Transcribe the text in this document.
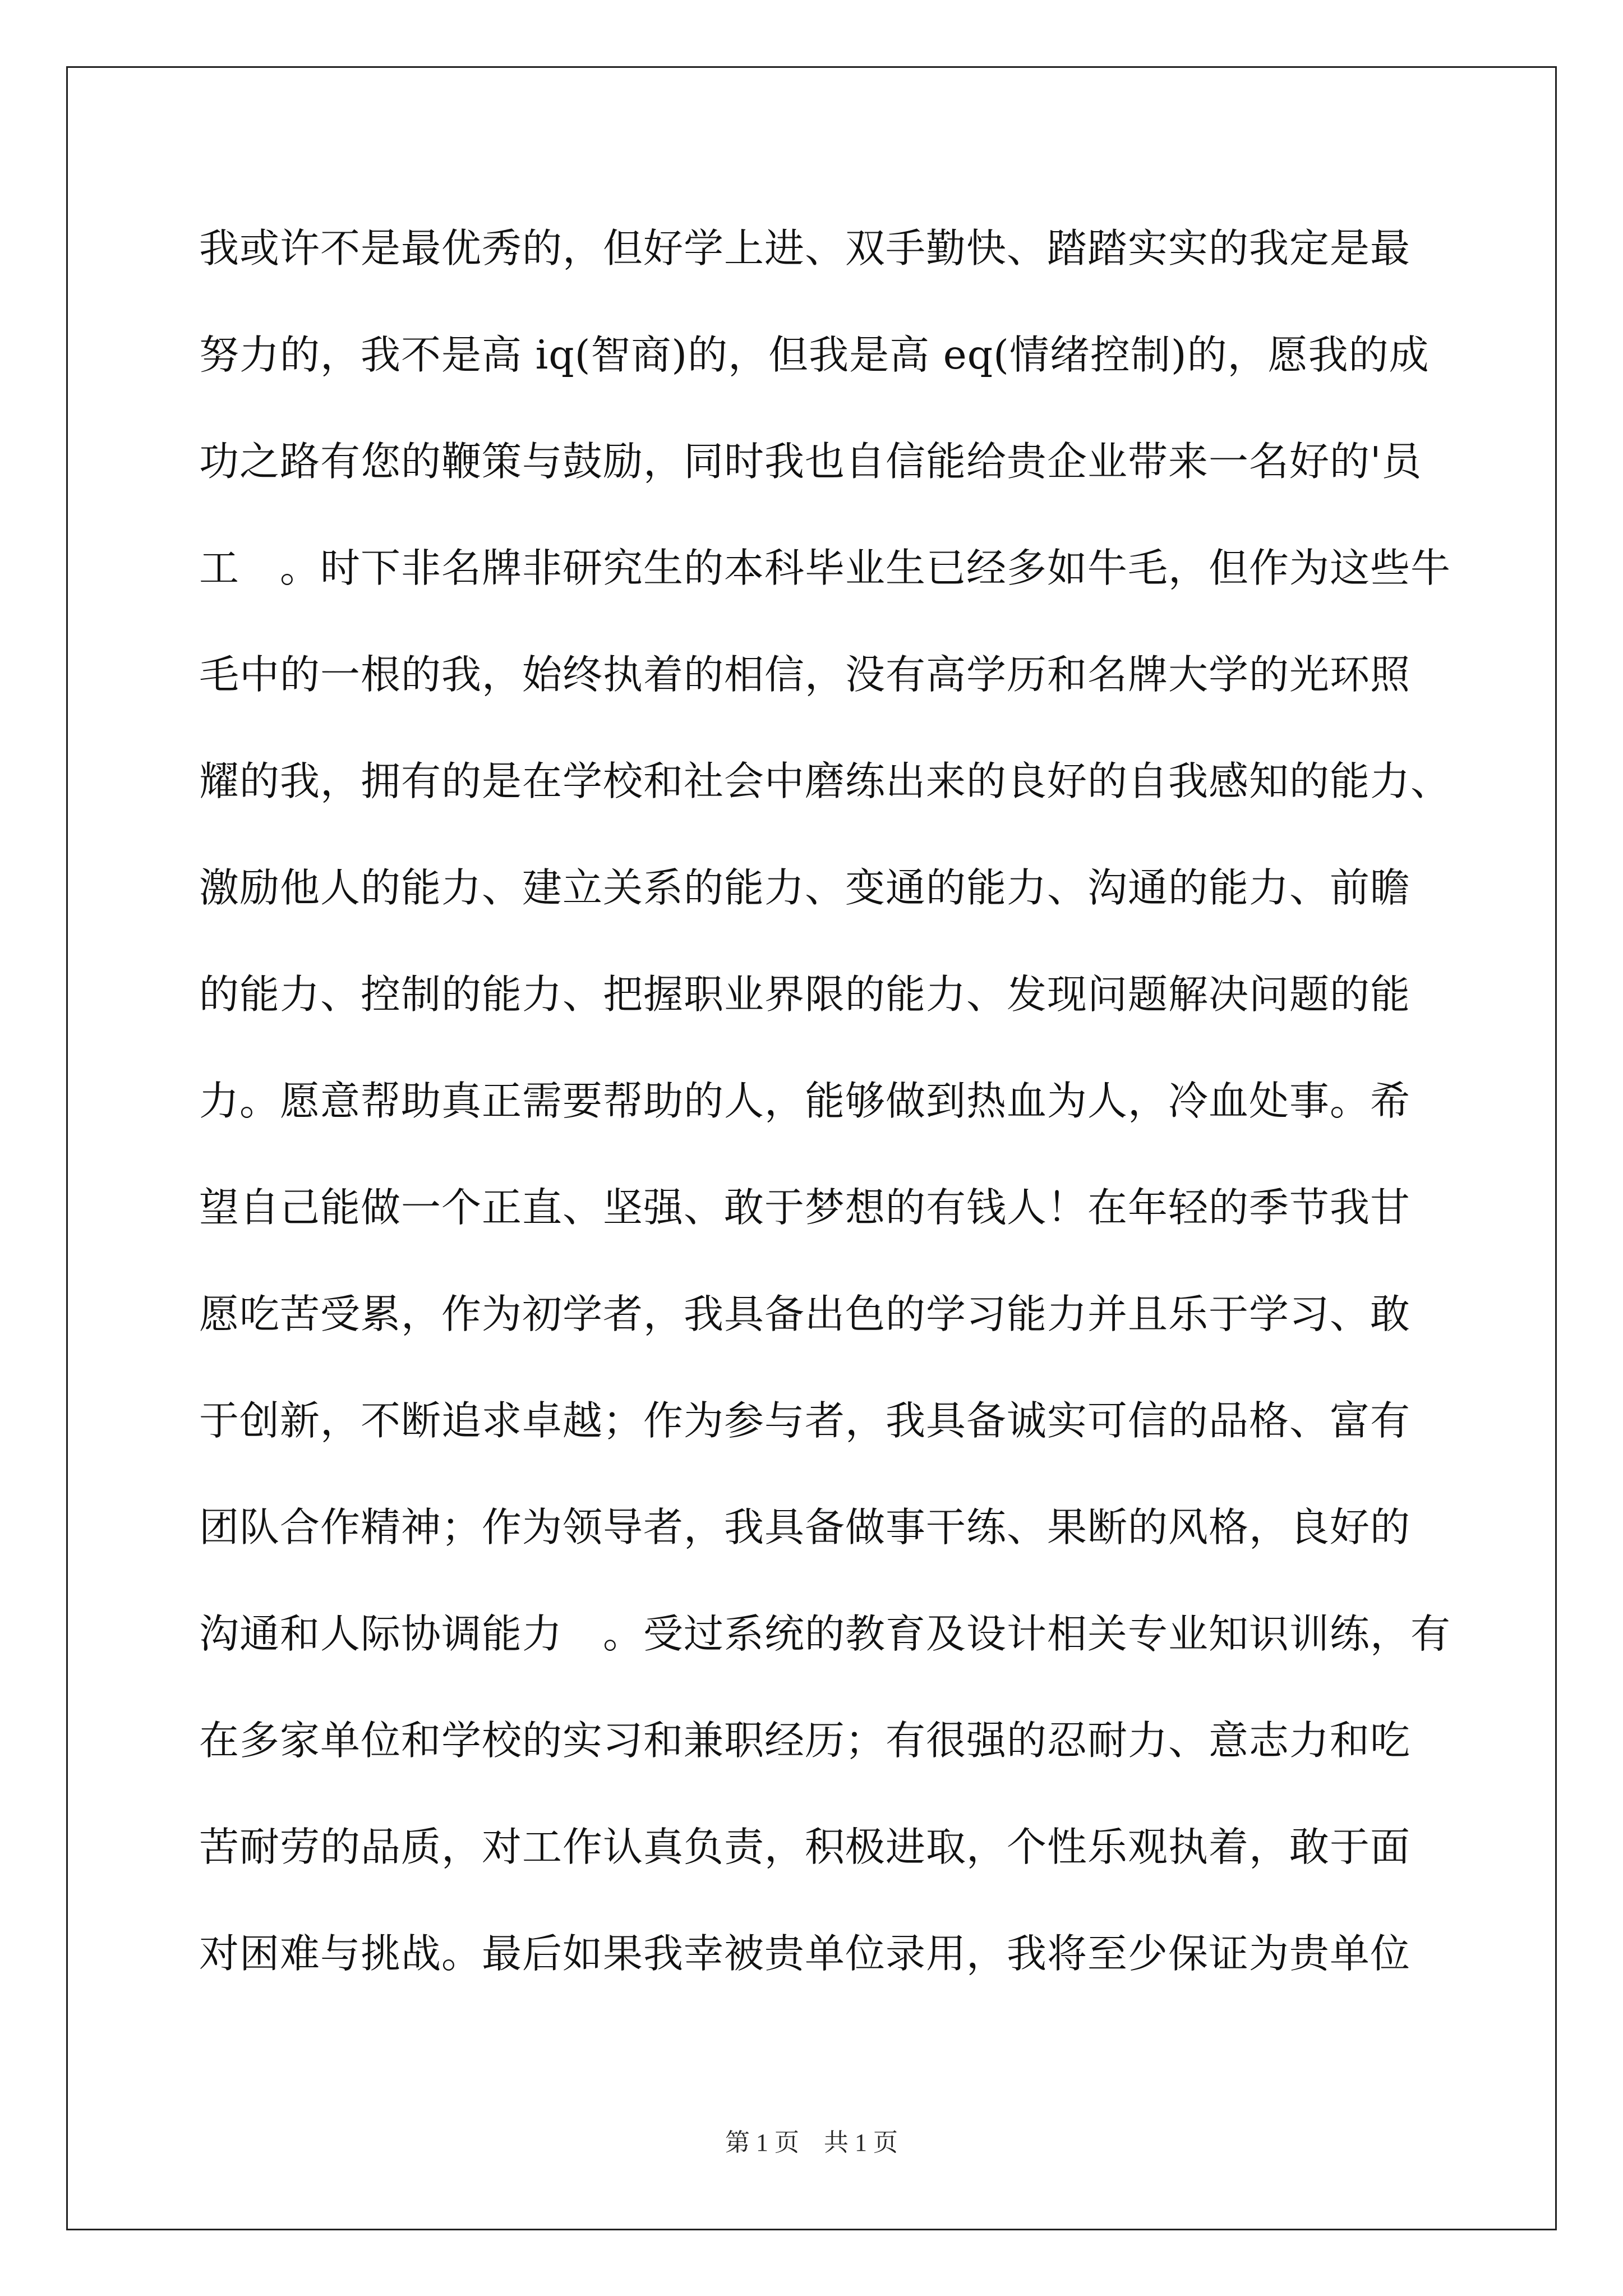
我或许不是最优秀的，但好学上进、双手勤快、踏踏实实的我定是最
努力的，我不是高 iq(智商)的，但我是高 eq(情绪控制)的，愿我的成
功之路有您的鞭策与鼓励，同时我也自信能给贵企业带来一名好的'员
工　。时下非名牌非研究生的本科毕业生已经多如牛毛，但作为这些牛
毛中的一根的我，始终执着的相信，没有高学历和名牌大学的光环照
耀的我，拥有的是在学校和社会中磨练出来的良好的自我感知的能力、
激励他人的能力、建立关系的能力、变通的能力、沟通的能力、前瞻
的能力、控制的能力、把握职业界限的能力、发现问题解决问题的能
力。愿意帮助真正需要帮助的人，能够做到热血为人，冷血处事。希
望自己能做一个正直、坚强、敢于梦想的有钱人！在年轻的季节我甘
愿吃苦受累，作为初学者，我具备出色的学习能力并且乐于学习、敢
于创新，不断追求卓越；作为参与者，我具备诚实可信的品格、富有
团队合作精神；作为领导者，我具备做事干练、果断的风格，良好的
沟通和人际协调能力　。受过系统的教育及设计相关专业知识训练，有
在多家单位和学校的实习和兼职经历；有很强的忍耐力、意志力和吃
苦耐劳的品质，对工作认真负责，积极进取，个性乐观执着，敢于面
对困难与挑战。最后如果我幸被贵单位录用，我将至少保证为贵单位
第 1 页　共 1 页
